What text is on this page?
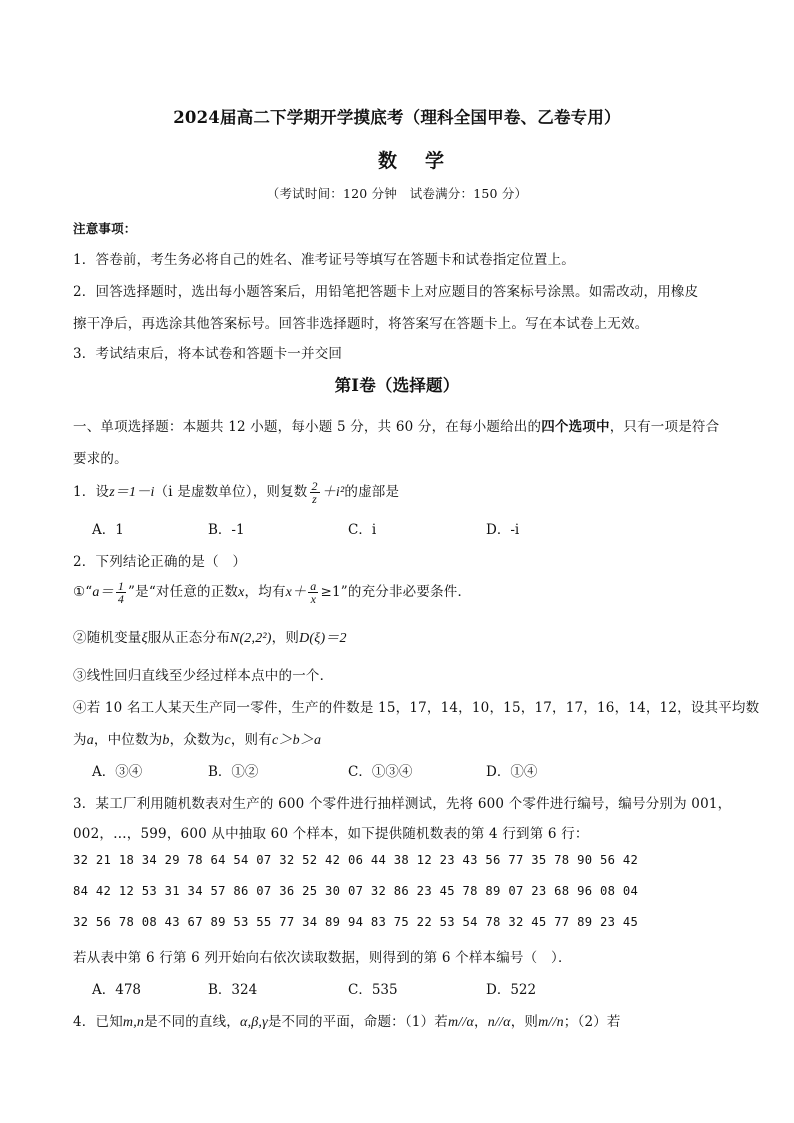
2024届高二下学期开学摸底考（理科全国甲卷、乙卷专用）
数学
（考试时间：120 分钟　试卷满分：150 分）
注意事项：
1．答卷前，考生务必将自己的姓名、准考证号等填写在答题卡和试卷指定位置上。
2．回答选择题时，选出每小题答案后，用铅笔把答题卡上对应题目的答案标号涂黑。如需改动，用橡皮
擦干净后，再选涂其他答案标号。回答非选择题时，将答案写在答题卡上。写在本试卷上无效。
3．考试结束后，将本试卷和答题卡一并交回
第Ⅰ卷（选择题）
一、单项选择题：本题共 12 小题，每小题 5 分，共 60 分，在每小题给出的四个选项中，只有一项是符合
要求的。
1．设z＝1－i（i 是虚数单位），则复数 $\frac{2}{z} +i^2$的虚部是
A．1	B．-1	C．i	D．-i
2．下列结论正确的是（　）
①“a＝ $\frac{1}{4}$ ”是“对任意的正数x，均有$x+ \frac{a}{x} \ge 1$”的充分非必要条件．
②随机变量ξ服从正态分布N(2,2²)，则D(ξ)＝2
③线性回归直线至少经过样本点中的一个．
④若 10 名工人某天生产同一零件，生产的件数是 15，17，14，10，15，17，17，16，14，12，设其平均数
为a，中位数为b，众数为c，则有c＞b＞a
A．③④	B．①②	C．①③④	D．①④
3．某工厂利用随机数表对生产的 600 个零件进行抽样测试，先将 600 个零件进行编号，编号分别为 001，
002，…，599，600 从中抽取 60 个样本，如下提供随机数表的第 4 行到第 6 行：
32 21 18 34 29 78 64 54 07 32 52 42 06 44 38 12 23 43 56 77 35 78 90 56 42
84 42 12 53 31 34 57 86 07 36 25 30 07 32 86 23 45 78 89 07 23 68 96 08 04
32 56 78 08 43 67 89 53 55 77 34 89 94 83 75 22 53 54 78 32 45 77 89 23 45
若从表中第 6 行第 6 列开始向右依次读取数据，则得到的第 6 个样本编号（　）．
A．478	B．324	C．535	D．522
4．已知m,n是不同的直线，α,β,γ是不同的平面，命题：（1）若m//α，n//α，则m//n；（2）若
